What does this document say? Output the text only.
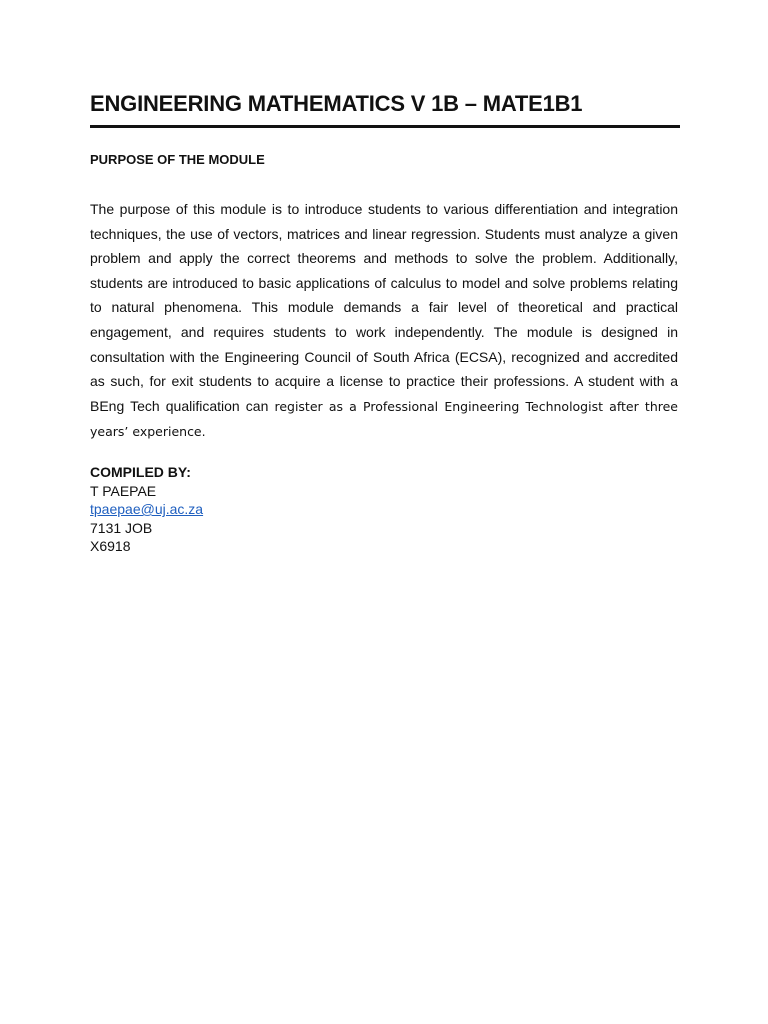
ENGINEERING MATHEMATICS V 1B – MATE1B1
PURPOSE OF THE MODULE

The purpose of this module is to introduce students to various differentiation and integration techniques, the use of vectors, matrices and linear regression. Students must analyze a given problem and apply the correct theorems and methods to solve the problem. Additionally, students are introduced to basic applications of calculus to model and solve problems relating to natural phenomena. This module demands a fair level of theoretical and practical engagement, and requires students to work independently. The module is designed in consultation with the Engineering Council of South Africa (ECSA), recognized and accredited as such, for exit students to acquire a license to practice their professions. A student with a BEng Tech qualification can register as a Professional Engineering Technologist after three years’ experience.

COMPILED BY:
T PAEPAE
tpaepae@uj.ac.za
7131 JOB
X6918
